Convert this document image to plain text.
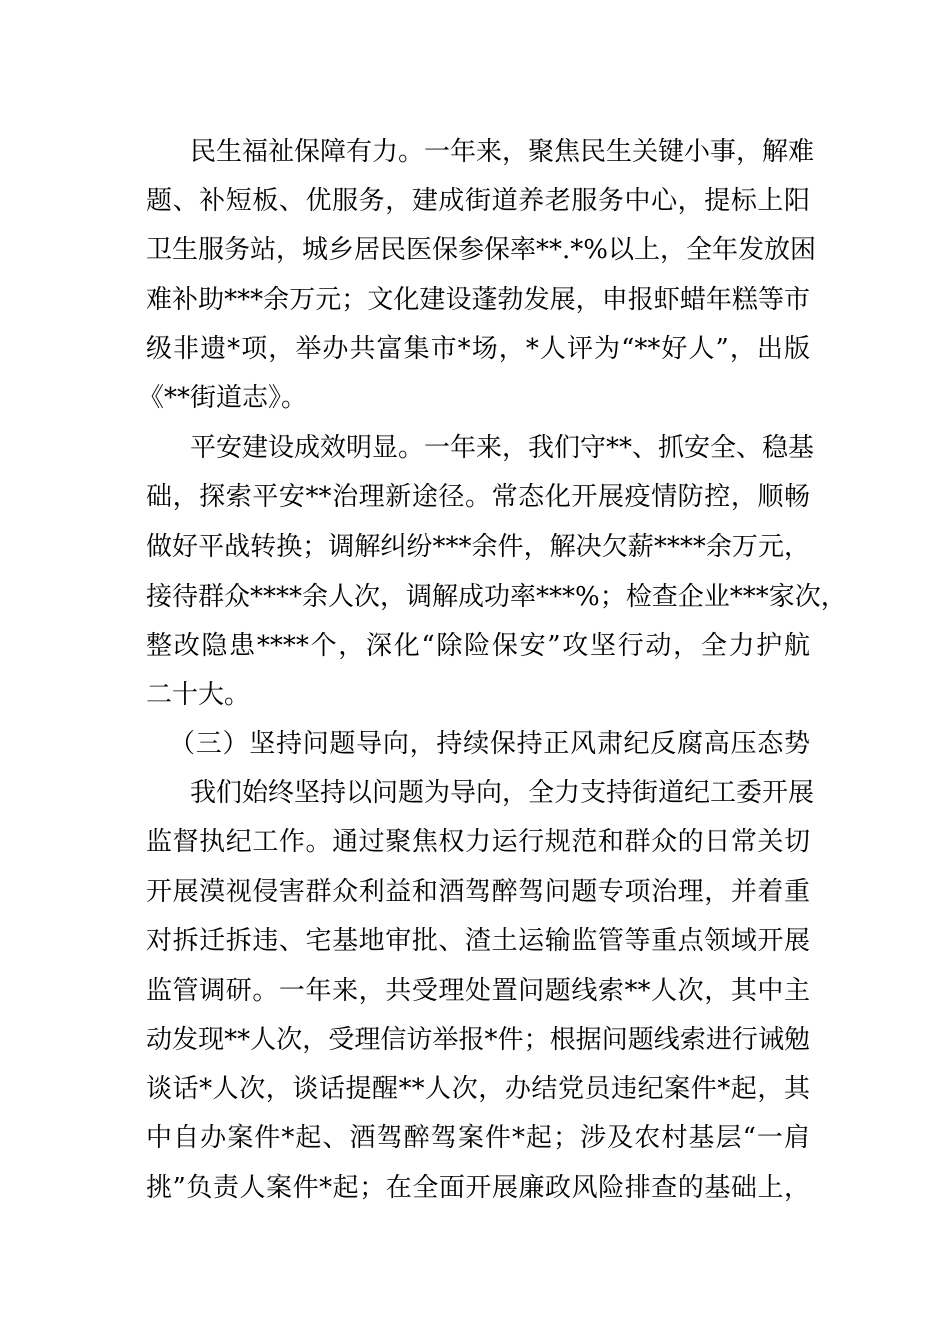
民生福祉保障有力。一年来，聚焦民生关键小事，解难
题、补短板、优服务，建成街道养老服务中心，提标上阳
卫生服务站，城乡居民医保参保率**.*%以上，全年发放困
难补助***余万元；文化建设蓬勃发展，申报虾蜡年糕等市
级非遗*项，举办共富集市*场，*人评为“**好人”，出版
《**街道志》。
平安建设成效明显。一年来，我们守**、抓安全、稳基
础，探索平安**治理新途径。常态化开展疫情防控，顺畅
做好平战转换；调解纠纷***余件，解决欠薪****余万元，
接待群众****余人次，调解成功率***%；检查企业***家次，
整改隐患****个，深化“除险保安”攻坚行动，全力护航
二十大。
（三）坚持问题导向，持续保持正风肃纪反腐高压态势
我们始终坚持以问题为导向，全力支持街道纪工委开展
监督执纪工作。通过聚焦权力运行规范和群众的日常关切
开展漠视侵害群众利益和酒驾醉驾问题专项治理，并着重
对拆迁拆违、宅基地审批、渣土运输监管等重点领域开展
监管调研。一年来，共受理处置问题线索**人次，其中主
动发现**人次，受理信访举报*件；根据问题线索进行诫勉
谈话*人次，谈话提醒**人次，办结党员违纪案件*起，其
中自办案件*起、酒驾醉驾案件*起；涉及农村基层“一肩
挑”负责人案件*起；在全面开展廉政风险排查的基础上，
